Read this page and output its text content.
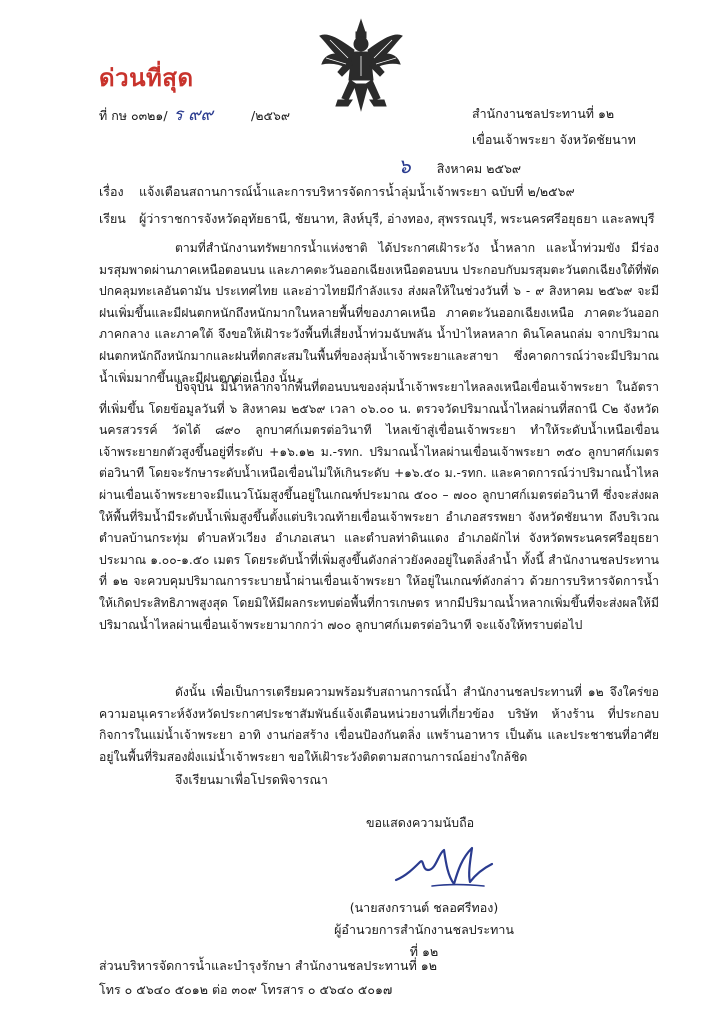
ด่วนที่สุด
ที่ กษ ๐๓๒๑/ ร ๙๙	/๒๕๖๙	สำนักงานชลประทานที่ ๑๒
เขื่อนเจ้าพระยา จังหวัดชัยนาท
๖ สิงหาคม ๒๕๖๙
เรื่อง แจ้งเตือนสถานการณ์น้ำและการบริหารจัดการน้ำลุ่มน้ำเจ้าพระยา ฉบับที่ ๒/๒๕๖๙
เรียน ผู้ว่าราชการจังหวัดอุทัยธานี, ชัยนาท, สิงห์บุรี, อ่างทอง, สุพรรณบุรี, พระนครศรีอยุธยา และลพบุรี

ตามที่สำนักงานทรัพยากรน้ำแห่งชาติ ได้ประกาศเฝ้าระวัง น้ำหลาก และน้ำท่วมขัง มีร่องมรสุมพาดผ่านภาคเหนือตอนบน และภาคตะวันออกเฉียงเหนือตอนบน ประกอบกับมรสุมตะวันตกเฉียงใต้ที่พัดปกคลุมทะเลอันดามัน ประเทศไทย และอ่าวไทยมีกำลังแรง ส่งผลให้ในช่วงวันที่ ๖ - ๙ สิงหาคม ๒๕๖๙ จะมีฝนเพิ่มขึ้นและมีฝนตกหนักถึงหนักมากในหลายพื้นที่ของภาคเหนือ ภาคตะวันออกเฉียงเหนือ ภาคตะวันออก ภาคกลาง และภาคใต้ จึงขอให้เฝ้าระวังพื้นที่เสี่ยงน้ำท่วมฉับพลัน น้ำป่าไหลหลาก ดินโคลนถล่ม จากปริมาณฝนตกหนักถึงหนักมากและฝนที่ตกสะสมในพื้นที่ของลุ่มน้ำเจ้าพระยาและสาขา ซึ่งคาดการณ์ว่าจะมีปริมาณน้ำเพิ่มมากขึ้นและมีฝนตกต่อเนื่อง นั้น

ปัจจุบัน มีน้ำหลากจากพื้นที่ตอนบนของลุ่มน้ำเจ้าพระยาไหลลงเหนือเขื่อนเจ้าพระยา ในอัตราที่เพิ่มขึ้น โดยข้อมูลวันที่ ๖ สิงหาคม ๒๕๖๙ เวลา ๐๖.๐๐ น. ตรวจวัดปริมาณน้ำไหลผ่านที่สถานี C๒ จังหวัดนครสวรรค์ วัดได้ ๘๙๐ ลูกบาศก์เมตรต่อวินาที ไหลเข้าสู่เขื่อนเจ้าพระยา ทำให้ระดับน้ำเหนือเขื่อนเจ้าพระยายกตัวสูงขึ้นอยู่ที่ระดับ +๑๖.๑๒ ม.-รทก. ปริมาณน้ำไหลผ่านเขื่อนเจ้าพระยา ๓๕๐ ลูกบาศก์เมตรต่อวินาที โดยจะรักษาระดับน้ำเหนือเขื่อนไม่ให้เกินระดับ +๑๖.๕๐ ม.-รทก. และคาดการณ์ว่าปริมาณน้ำไหลผ่านเขื่อนเจ้าพระยาจะมีแนวโน้มสูงขึ้นอยู่ในเกณฑ์ประมาณ ๕๐๐ – ๗๐๐ ลูกบาศก์เมตรต่อวินาที ซึ่งจะส่งผลให้พื้นที่ริมน้ำมีระดับน้ำเพิ่มสูงขึ้นตั้งแต่บริเวณท้ายเขื่อนเจ้าพระยา อำเภอสรรพยา จังหวัดชัยนาท ถึงบริเวณ ตำบลบ้านกระทุ่ม ตำบลหัวเวียง อำเภอเสนา และตำบลท่าดินแดง อำเภอผักไห่ จังหวัดพระนครศรีอยุธยา ประมาณ ๑.๐๐-๑.๕๐ เมตร โดยระดับน้ำที่เพิ่มสูงขึ้นดังกล่าวยังคงอยู่ในตลิ่งลำน้ำ ทั้งนี้ สำนักงานชลประทานที่ ๑๒ จะควบคุมปริมาณการระบายน้ำผ่านเขื่อนเจ้าพระยา ให้อยู่ในเกณฑ์ดังกล่าว ด้วยการบริหารจัดการน้ำให้เกิดประสิทธิภาพสูงสุด โดยมิให้มีผลกระทบต่อพื้นที่การเกษตร หากมีปริมาณน้ำหลากเพิ่มขึ้นที่จะส่งผลให้มีปริมาณน้ำไหลผ่านเขื่อนเจ้าพระยามากกว่า ๗๐๐ ลูกบาศก์เมตรต่อวินาที จะแจ้งให้ทราบต่อไป

ดังนั้น เพื่อเป็นการเตรียมความพร้อมรับสถานการณ์น้ำ สำนักงานชลประทานที่ ๑๒ จึงใคร่ขอความอนุเคราะห์จังหวัดประกาศประชาสัมพันธ์แจ้งเตือนหน่วยงานที่เกี่ยวข้อง บริษัท ห้างร้าน ที่ประกอบกิจการในแม่น้ำเจ้าพระยา อาทิ งานก่อสร้าง เขื่อนป้องกันตลิ่ง แพร้านอาหาร เป็นต้น และประชาชนที่อาศัยอยู่ในพื้นที่ริมสองฝั่งแม่น้ำเจ้าพระยา ขอให้เฝ้าระวังติดตามสถานการณ์อย่างใกล้ชิด

จึงเรียนมาเพื่อโปรดพิจารณา
ขอแสดงความนับถือ
(นายสงกรานต์ ชลอศรีทอง)
ผู้อำนวยการสำนักงานชลประทานที่ ๑๒
ส่วนบริหารจัดการน้ำและบำรุงรักษา สำนักงานชลประทานที่ ๑๒
โทร ๐ ๕๖๔๐ ๕๐๑๒ ต่อ ๓๐๙ โทรสาร ๐ ๕๖๔๐ ๕๐๑๗
